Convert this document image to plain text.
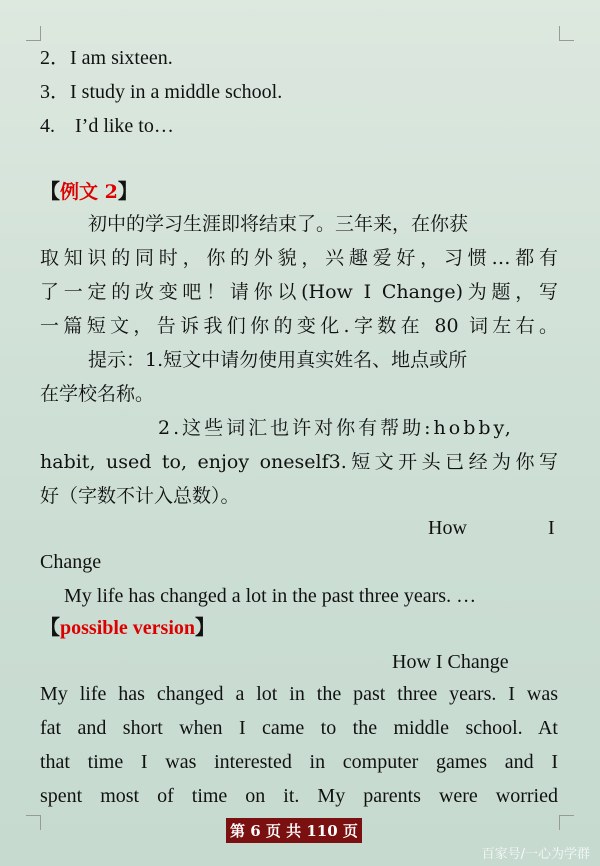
2．I am sixteen.
3．I study in a middle school.
4.　I’d like to…
【例文 2】
初中的学习生涯即将结束了。三年来，在你获
取知识的同时，你的外貌，兴趣爱好，习惯…都有
了一定的改变吧！请你以(How I Change)为题，写
一篇短文，告诉我们你的变化.字数在 80 词左右。
提示：1.短文中请勿使用真实姓名、地点或所
在学校名称。
2.这些词汇也许对你有帮助:hobby,
habit, used to, enjoy oneself3.短文开头已经为你写
好（字数不计入总数）。
How	I
Change
My life has changed a lot in the past three years. …
【possible version】
How I Change
My life has changed a lot in the past three years. I was
fat and short when I came to the middle school. At
that time I was interested in computer games and I
spent most of time on it. My parents were worried
第 6 页 共 110 页
百家号/一心为学群
